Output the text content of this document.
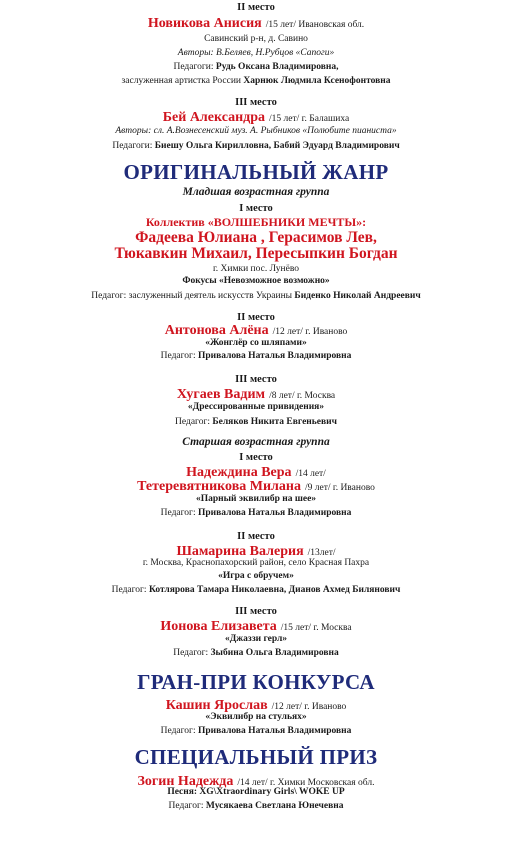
II место
Новикова Анисия /15 лет/ Ивановская обл.
Савинский р-н, д. Савино
Авторы: В.Беляев, Н.Рубцов «Сапоги»
Педагоги: Рудь Оксана Владимировна,
заслуженная артистка России Харнюк Людмила Ксенофонтовна
III место
Бей Александра /15 лет/ г. Балашиха
Авторы: сл. А.Вознесенский муз. А. Рыбников «Полюбите пианиста»
Педагоги: Биешу Ольга Кирилловна, Бабий Эдуард Владимирович
ОРИГИНАЛЬНЫЙ ЖАНР
Младшая возрастная группа
I место
Коллектив «ВОЛШЕБНИКИ МЕЧТЫ»:
Фадеева Юлиана , Герасимов Лев,
Тюкавкин Михаил, Пересыпкин Богдан
г. Химки пос. Лунёво
Фокусы «Невозможное возможно»
Педагог: заслуженный деятель искусств Украины Биденко Николай Андреевич
II место
Антонова Алёна /12 лет/ г. Иваново
«Жонглёр со шляпами»
Педагог: Привалова Наталья Владимировна
III место
Хугаев Вадим /8 лет/ г. Москва
«Дрессированные привидения»
Педагог: Беляков Никита Евгеньевич
Старшая возрастная группа
I место
Надеждина Вера /14 лет/
Тетеревятникова Милана /9 лет/ г. Иваново
«Парный эквилибр на шее»
Педагог: Привалова Наталья Владимировна
II место
Шамарина Валерия /13лет/
г. Москва, Краснопахорский район, село Красная Пахра
«Игра с обручем»
Педагог: Котлярова Тамара Николаевна, Дианов Ахмед Билянович
III место
Ионова Елизавета /15 лет/ г. Москва
«Джаззи герл»
Педагог: Зыбина Ольга Владимировна
ГРАН-ПРИ КОНКУРСА
Кашин Ярослав /12 лет/ г. Иваново
«Эквилибр на стульях»
Педагог: Привалова Наталья Владимировна
СПЕЦИАЛЬНЫЙ ПРИЗ
Зогин Надежда /14 лет/ г. Химки Московская обл.
Песня: XG\Xtraordinary Girls\ WOKE UP
Педагог: Мусякаева Светлана Юнечевна
